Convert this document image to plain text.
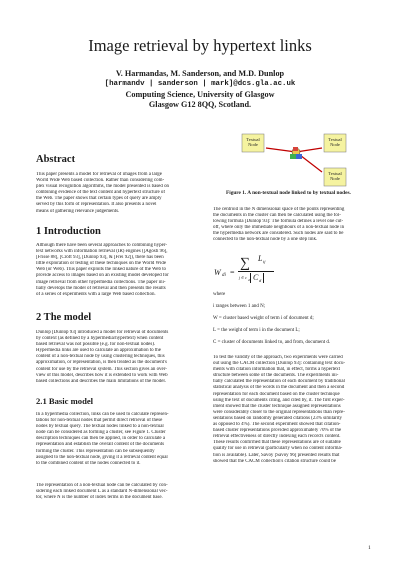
Image retrieval by hypertext links
V. Harmandas, M. Sanderson, and M.D. Dunlop
[harmandv | sanderson | mark]@dcs.gla.ac.uk
Computing Science, University of Glasgow
Glasgow G12 8QQ, Scotland.
Abstract
This paper presents a model for retrieval of images from a large
World Wide Web based collection. Rather than considering com-
plex visual recognition algorithms, the model presented is based on
combining evidence of the text content and hypertext structure of
the Web. The paper shows that certain types of query are amply
served by this form of representation. It also presents a novel
means of gathering relevance judgements.
1 Introduction
Although there have been several approaches to combining hyper-
text networks with information retrieval (IR) engines ([Agosti 96],
[Frisse 88], [Croft 93], [Dunlop 93], & [Frei 92]), there has been
little exploration or testing of these techniques on the World Wide
Web (or Web). This paper exploits the linked nature of the Web to
provide access to images based on an existing model developed for
image retrieval from other hypermedia collections. The paper ini-
tially develops the model of retrieval and then presents the results
of a series of experiments with a large Web based collection.
2 The model
Dunlop [Dunlop 93] introduced a model for retrieval of documents
by context (as defined by a hypermedia/hypertext) when content
based retrieval was not possible (e.g. for non-textual nodes).
Hypermedia links are used to calculate an approximation to the
content of a non-textual node by using clustering techniques, this
approximation, or representation, is then treated as the document's
content for use by the retrieval system. This section gives an over-
view of this model, describes how it is extended to work with Web
based collections and describes the main limitations of the model.
2.1 Basic model
In a hypermedia collection, links can be used to calculate represen-
tations for non-textual nodes that permit direct retrieval of these
nodes by textual query. The textual nodes linked to a non-textual
node can be considered as forming a cluster, see Figure 1. Cluster
description techniques can then be applied, in order to calculate a
representation and establish the overall content of the documents
forming the cluster. This representation can be subsequently
assigned to the non-textual node, giving it a retrieval content equal
to the combined content of the nodes connected to it.
The representation of a non-textual node can be calculated by con-
sidering each linked document L as a standard N-dimensional vec-
tor, where N is the number of index terms in the document base.
Textual
Node
Textual
Node
Textual
Node
Figure 1. A non-textual node linked to by textual nodes.
The centroid in the N dimensional space of the points representing
the documents in the cluster can then be calculated using the fol-
lowing formula [Dunlop 93]: The formula defines a level one cut-
off, where only the immediate neighbours of a non-textual node in
the hypermedia network are considered. Such nodes are said to be
connected to the non-textual node by a one step link.
W di =
∑
j ∈ c d
L ij
C d
where
i ranges between 1 and N;
W = cluster based weight of term i of document d;
L = the weight of term i in the document L;
C = cluster of documents linked to, and from, document d.
To test the validity of the approach, two experiments were carried
out using the CACM collection [Dunlop 93]: containing text docu-
ments with citation information that, in effect, forms a hypertext
structure between some of the documents. The experiments ini-
tially calculated the representation of each document by traditional
statistical analysis of the words in the document and then a second
representation for each document based on the cluster technique
using the text of documents citing, and cited by, it. The first exper-
iment showed that the cluster technique assigned representations
were considerably closer to the original representations than repre-
sentations based on randomly generated citations (23% similarity
as opposed to 4%). The second experiment showed that citation-
based cluster representations provided approximately 70% of the
retrieval effectiveness of directly indexing each record's content.
These results confirmed that these representations are of suitable
quality for use in retrieval (particularly when no content informa-
tion is available). Later, Savoy [Savoy 96] presented results that
showed that the CACM collection's citation structure could be
1
